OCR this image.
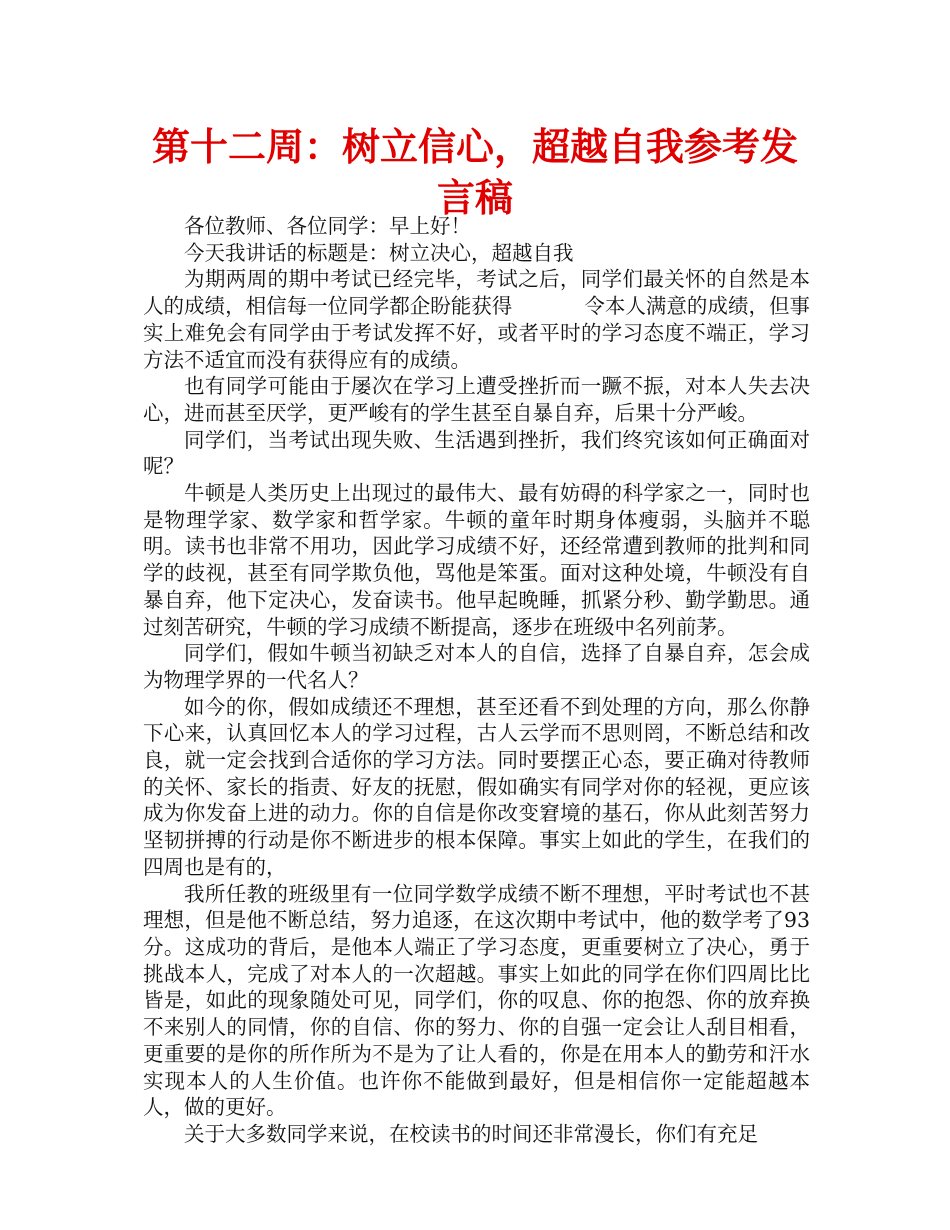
第十二周：树立信心，超越自我参考发言稿

各位教师、各位同学：早上好！

今天我讲话的标题是：树立决心，超越自我

为期两周的期中考试已经完毕，考试之后，同学们最关怀的自然是本人的成绩，相信每一位同学都企盼能获得	令本人满意的成绩，但事实上难免会有同学由于考试发挥不好，或者平时的学习态度不端正，学习方法不适宜而没有获得应有的成绩。

也有同学可能由于屡次在学习上遭受挫折而一蹶不振，对本人失去决心，进而甚至厌学，更严峻有的学生甚至自暴自弃，后果十分严峻。

同学们，当考试出现失败、生活遇到挫折，我们终究该如何正确面对呢？

牛顿是人类历史上出现过的最伟大、最有妨碍的科学家之一，同时也是物理学家、数学家和哲学家。牛顿的童年时期身体瘦弱，头脑并不聪明。读书也非常不用功，因此学习成绩不好，还经常遭到教师的批判和同学的歧视，甚至有同学欺负他，骂他是笨蛋。面对这种处境，牛顿没有自暴自弃，他下定决心，发奋读书。他早起晚睡，抓紧分秒、勤学勤思。通过刻苦研究，牛顿的学习成绩不断提高，逐步在班级中名列前茅。

同学们，假如牛顿当初缺乏对本人的自信，选择了自暴自弃，怎会成为物理学界的一代名人？

如今的你，假如成绩还不理想，甚至还看不到处理的方向，那么你静下心来，认真回忆本人的学习过程，古人云学而不思则罔，不断总结和改良，就一定会找到合适你的学习方法。同时要摆正心态，要正确对待教师的关怀、家长的指责、好友的抚慰，假如确实有同学对你的轻视，更应该成为你发奋上进的动力。你的自信是你改变窘境的基石，你从此刻苦努力坚韧拼搏的行动是你不断进步的根本保障。事实上如此的学生，在我们的四周也是有的，

我所任教的班级里有一位同学数学成绩不断不理想，平时考试也不甚理想，但是他不断总结，努力追逐，在这次期中考试中，他的数学考了93分。这成功的背后，是他本人端正了学习态度，更重要树立了决心，勇于挑战本人，完成了对本人的一次超越。事实上如此的同学在你们四周比比皆是，如此的现象随处可见，同学们，你的叹息、你的抱怨、你的放弃换不来别人的同情，你的自信、你的努力、你的自强一定会让人刮目相看，更重要的是你的所作所为不是为了让人看的，你是在用本人的勤劳和汗水实现本人的人生价值。也许你不能做到最好，但是相信你一定能超越本人，做的更好。

关于大多数同学来说，在校读书的时间还非常漫长，你们有充足
